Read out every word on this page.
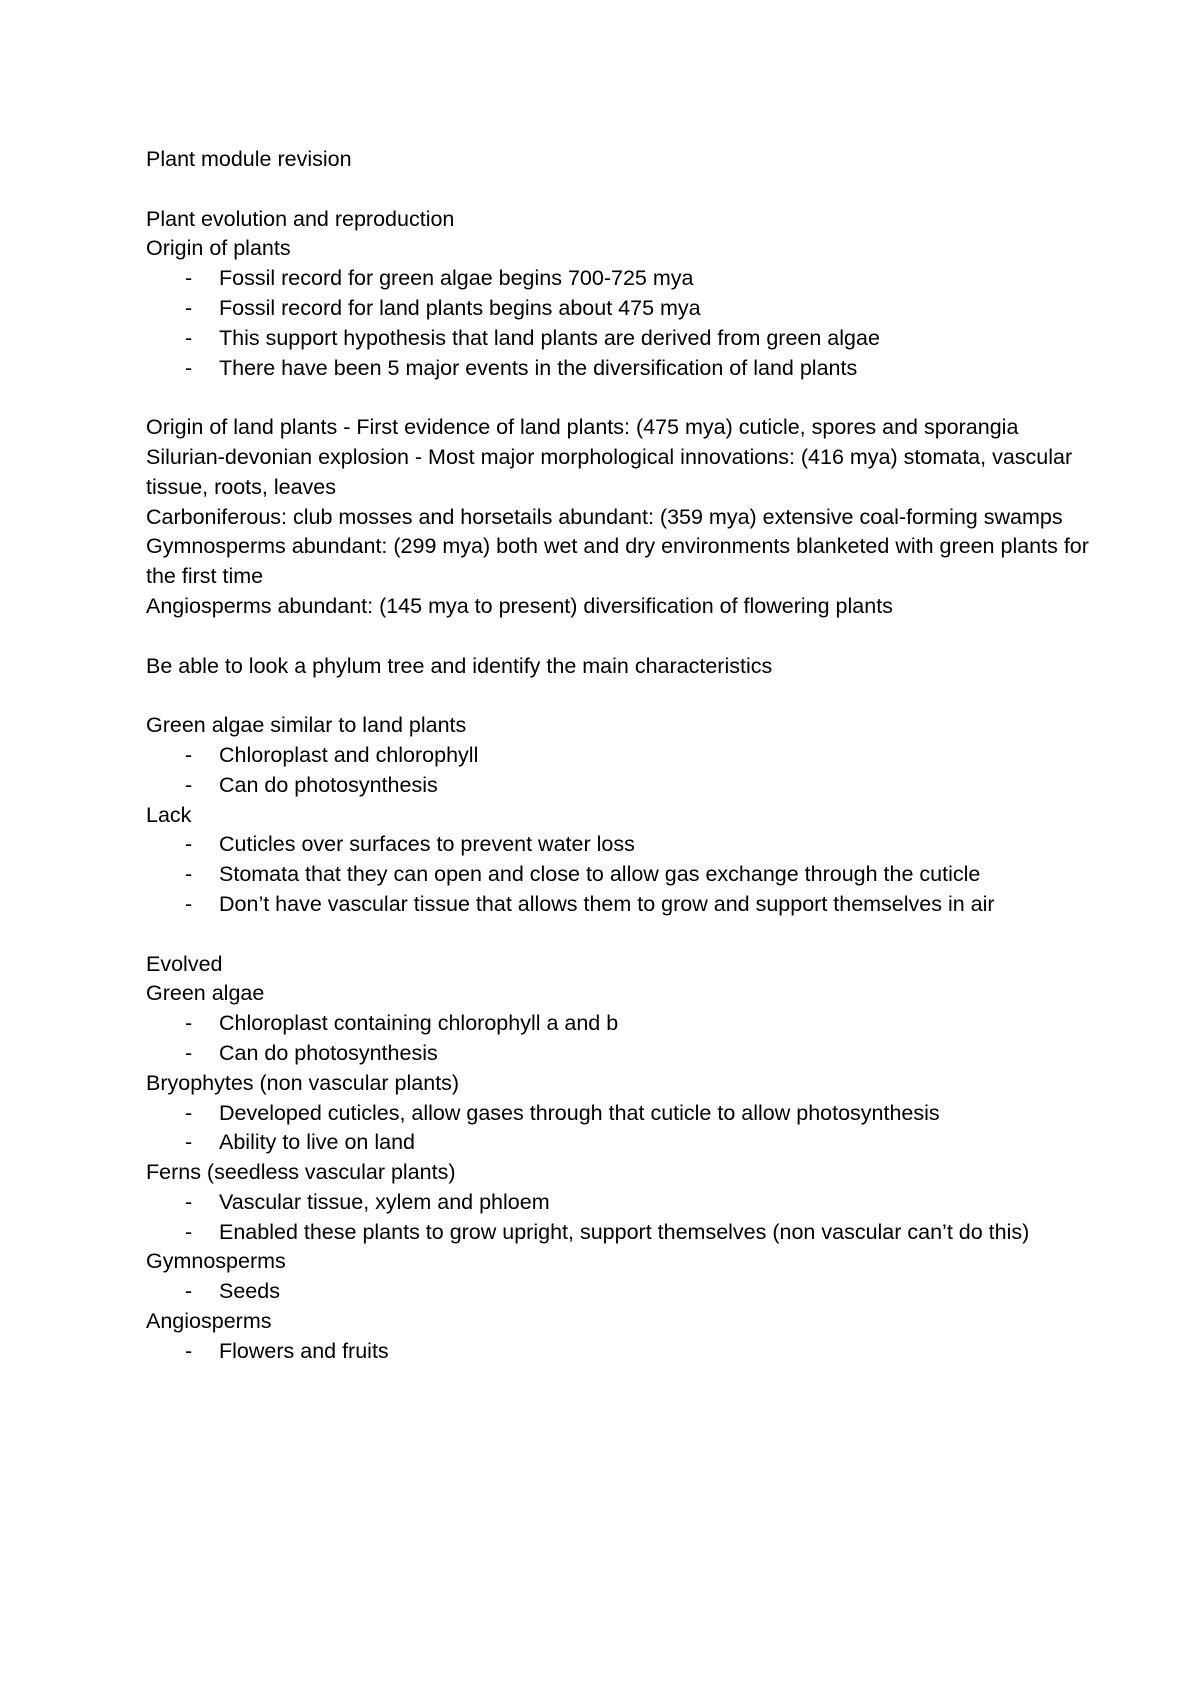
Plant module revision

Plant evolution and reproduction

Origin of plants

- Fossil record for green algae begins 700-725 mya
- Fossil record for land plants begins about 475 mya
- This support hypothesis that land plants are derived from green algae
- There have been 5 major events in the diversification of land plants

Origin of land plants - First evidence of land plants: (475 mya) cuticle, spores and sporangia

Silurian-devonian explosion - Most major morphological innovations: (416 mya) stomata, vascular tissue, roots, leaves

Carboniferous: club mosses and horsetails abundant: (359 mya) extensive coal-forming swamps

Gymnosperms abundant: (299 mya) both wet and dry environments blanketed with green plants for the first time

Angiosperms abundant: (145 mya to present) diversification of flowering plants

Be able to look a phylum tree and identify the main characteristics

Green algae similar to land plants

- Chloroplast and chlorophyll
- Can do photosynthesis

Lack

- Cuticles over surfaces to prevent water loss
- Stomata that they can open and close to allow gas exchange through the cuticle
- Don’t have vascular tissue that allows them to grow and support themselves in air

Evolved

Green algae

- Chloroplast containing chlorophyll a and b
- Can do photosynthesis

Bryophytes (non vascular plants)

- Developed cuticles, allow gases through that cuticle to allow photosynthesis
- Ability to live on land

Ferns (seedless vascular plants)

- Vascular tissue, xylem and phloem
- Enabled these plants to grow upright, support themselves (non vascular can’t do this)

Gymnosperms

- Seeds

Angiosperms

- Flowers and fruits
